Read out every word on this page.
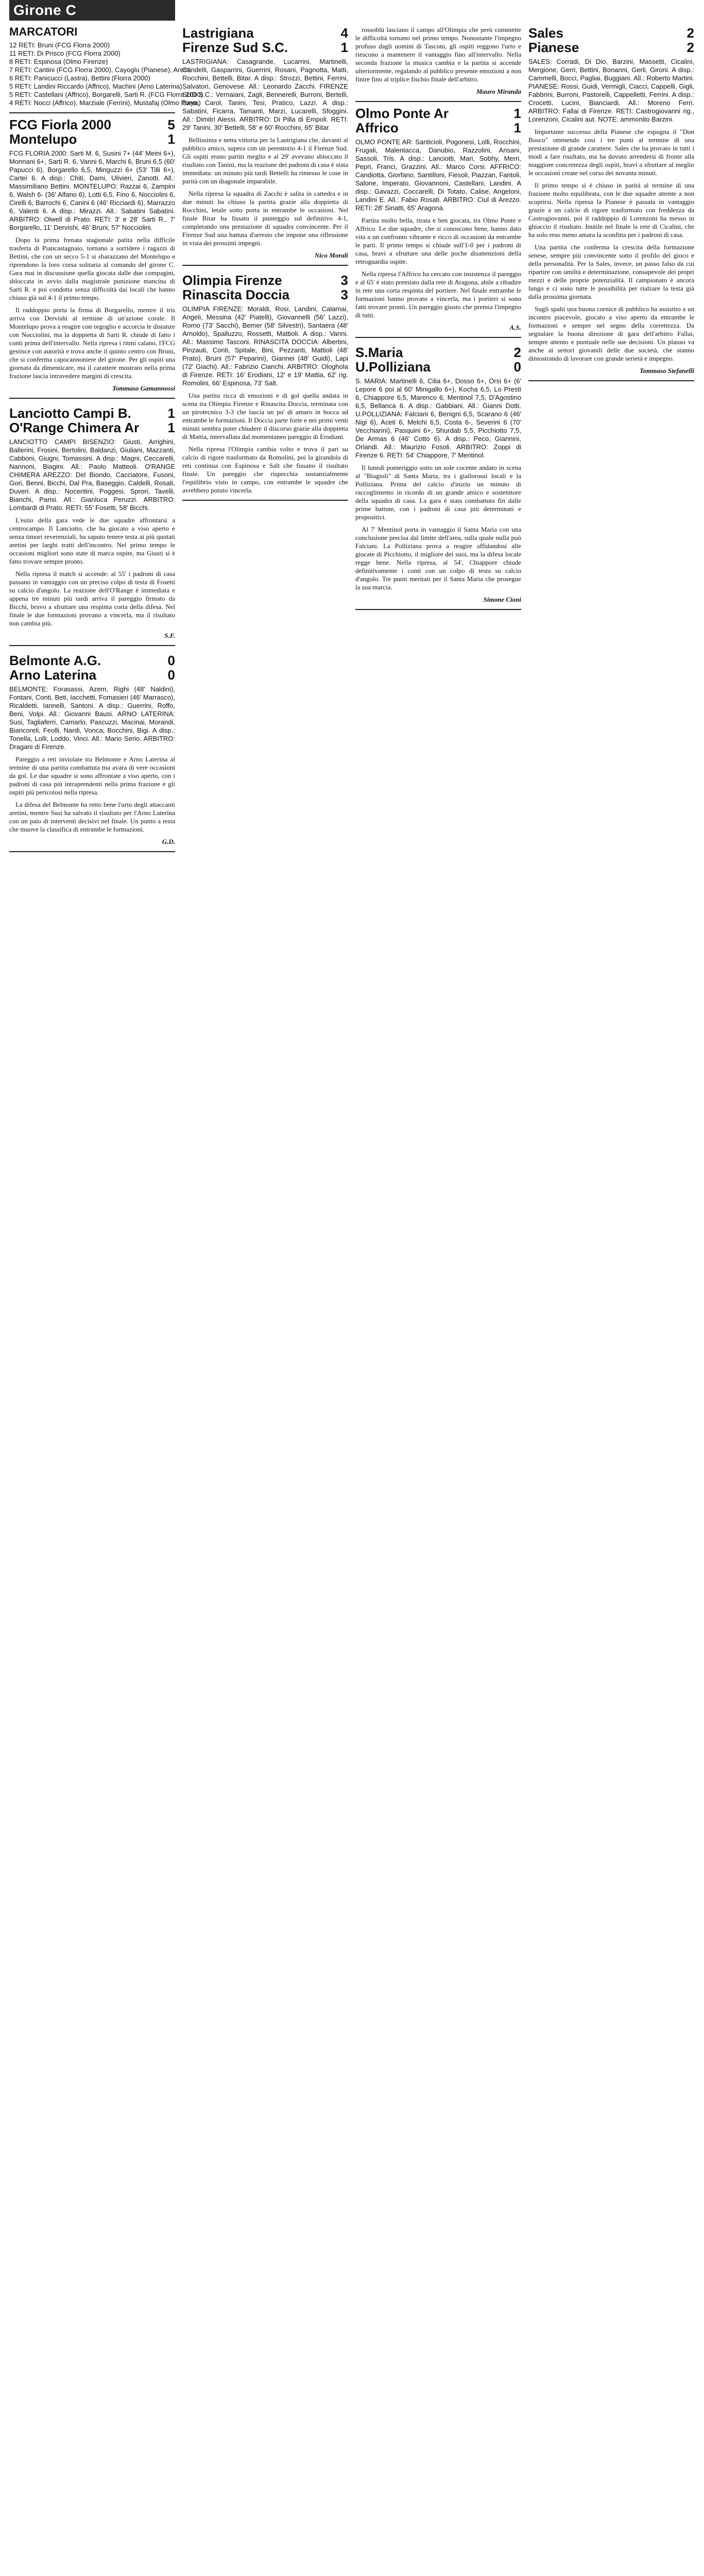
Girone C
MARCATORI
12 RETI: Bruni (FCG Florra 2000)
11 RETI: Di Prisco (FCG Florra 2000)
8 RETI: Espinosa (Olmo Firenze)
7 RETI: Cantini (FCG Florra 2000), Cayoglu (Pianese), Aresti
6 RETI: Panicucci (Lastra), Bettini (Florra 2000)
5 RETI: Landini Riccardo (Affrico), Machini (Arno Laterina)
5 RETI: Castellani (Affrico), Borgarelli, Sarti R. (FCG Florra 2000)
4 RETI: Nocci (Affrico), Marziale (Ferrini), Mustafaj (Olmo Ponte)
FCG Fiorla 2000	5
Montelupo	1
FCG FLORIA 2000: Sarti M. 6, Susini 7+ (44' Meini 6+), Monnani 6+, Sarti R. 6, Vanni 6, Marchi 6, Bruni 6,5 (60' Papucci 6), Borgarello 6,5, Minguzzi 6+ (53' Tilli 6+), Cartei 6. A disp.: Chiti, Dami, Ulivieri, Zanotti. All.: Massimiliano Bettini. MONTELUPO: Razzai 6, Zampini 6, Walsh 6- (36' Alfano 6), Lotti 6,5, Fino 6, Nocciolini 6, Cirelli 6, Barrochi 6, Canini 6 (46' Ricciardi 6), Marrazzo 6, Valenti 6. A disp.: Mirazzi. All.: Sabatini Sabatini. ARBITRO: Olwell di Prato. RETI: 3' e 28' Sarti R., 7' Borgarello, 11' Dervishi, 46' Bruni, 57' Nocciolini.

Dopo la prima frenata stagionale patita nella difficile trasferta di Piancastagnaio, tornano a sorridere i ragazzi di Bettini, che con un secco 5-1 si sbarazzano del Montelupo e riprendono la loro corsa solitaria al comando del girone C. Gara mai in discussione quella giocata dalle due compagini, sbloccata in avvio dalla magistrale punizione mancina di Sarti R. e poi condotta senza difficoltà dai locali che hanno chiuso già sul 4-1 il primo tempo.

Il raddoppio porta la firma di Borgarello, mentre il tris arriva con Dervishi al termine di un'azione corale. Il Montelupo prova a reagire con orgoglio e accorcia le distanze con Nocciolini, ma la doppietta di Sarti R. chiude di fatto i conti prima dell'intervallo. Nella ripresa i ritmi calano, l'FCG gestisce con autorità e trova anche il quinto centro con Bruni, che si conferma capocannoniere del girone. Per gli ospiti una giornata da dimenticare, ma il carattere mostrato nella prima frazione lascia intravedere margini di crescita.

Tommaso Gamannossi
Lanciotto Campi B.	1
O'Range Chimera Ar	1
LANCIOTTO CAMPI BISENZIO: Giusti, Arrighini, Ballerini, Frosini, Bertolini, Baldanzi, Giuliani, Mazzanti, Cabboni, Giugni, Tomassini. A disp.: Magni, Ceccarelli, Nannoni, Biagini. All.: Paolo Matteoli. O'RANGE CHIMERA AREZZO: Del Biondo, Cacciatore, Fusoni, Gori, Benni, Bicchi, Dal Pra, Baseggio, Caldelli, Rosati, Duveri. A disp.: Nocentini, Poggesi, Sprori, Tavelli, Bianchi, Parisi. All.: Gianluca Peruzzi. ARBITRO: Lombardi di Prato. RETI: 55' Fosetti, 58' Bicchi.

L'esito della gara vede le due squadre affrontarsi a centrocampo. Il Lanciotto, che ha giocato a viso aperto e senza timori reverenziali, ha saputo tenere testa ai più quotati aretini per larghi tratti dell'incontro. Nel primo tempo le occasioni migliori sono state di marca ospite, ma Giusti si è fatto trovare sempre pronto.

Nella ripresa il match si accende: al 55' i padroni di casa passano in vantaggio con un preciso colpo di testa di Fosetti su calcio d'angolo. La reazione dell'O'Range è immediata e appena tre minuti più tardi arriva il pareggio firmato da Bicchi, bravo a sfruttare una respinta corta della difesa. Nel finale le due formazioni provano a vincerla, ma il risultato non cambia più.

S.F.
Belmonte A.G.	0
Arno Laterina	0
BELMONTE: Forasassi, Azem, Righi (48' Naldini), Fontani, Conti, Beti, Iacchetti, Fomasieri (46' Marrasco), Ricaldetti, Iannelli, Santoni. A disp.: Guerrini, Roffo, Beni, Volpi. All.: Giovanni Bausi. ARNO LATERINA: Susi, Tagliaferri, Camarlo, Pascuzzi, Macinai, Morandi, Biancoreli, Feolli, Nardi, Vonca, Bocchini, Bigi. A disp.: Tonella, Lolli, Loddo, Vinci. All.: Mario Serio. ARBITRO: Dragani di Firenze.

Pareggio a reti inviolate tra Belmonte e Arno Laterina al termine di una partita combattuta ma avara di vere occasioni da gol. Le due squadre si sono affrontate a viso aperto, con i padroni di casa più intraprendenti nella prima frazione e gli ospiti più pericolosi nella ripresa.

La difesa del Belmonte ha retto bene l'urto degli attaccanti aretini, mentre Susi ha salvato il risultato per l'Arno Laterina con un paio di interventi decisivi nel finale. Un punto a testa che muove la classifica di entrambe le formazioni.

G.D.
Lastrigiana	4
Firenze Sud S.C.	1
LASTRIGIANA: Casagrande, Lucarrini, Martinelli, Candelli, Gasparrini, Guerrini, Rosani, Pagnotta, Matti, Rocchini, Bettelli, Bitar. A disp.: Strozzi, Bettini, Ferrini, Salvatori, Genovese. All.: Leonardo Zacchi. FIRENZE SUD S.C.: Vernaiani, Zagli, Bennerelli, Burroni, Bertelli, Saya, Carol, Tanini, Tesi, Pratico, Lazzi. A disp.: Sabatini, Ficarra, Tamanti, Marzi, Lucarelli, Sfoggini. All.: Dimitri Alessi. ARBITRO: Di Pilla di Empoli. RETI: 29' Tanini, 30' Bettelli, 58' e 60' Rocchini, 65' Bitar.

Bellissima e netta vittoria per la Lastrigiana che, davanti al pubblico amico, supera con un perentorio 4-1 il Firenze Sud. Gli ospiti erano partiti meglio e al 29' avevano sbloccato il risultato con Tanini, ma la reazione dei padroni di casa è stata immediata: un minuto più tardi Bettelli ha rimesso le cose in parità con un diagonale imparabile.

Nella ripresa la squadra di Zacchi è salita in cattedra e in due minuti ha chiuso la partita grazie alla doppietta di Rocchini, letale sotto porta in entrambe le occasioni. Nel finale Bitar ha fissato il punteggio sul definitivo 4-1, completando una prestazione di squadra convincente. Per il Firenze Sud una battuta d'arresto che impone una riflessione in vista dei prossimi impegni.

Nico Morali
Olimpia Firenze	3
Rinascita Doccia	3
OLIMPIA FIRENZE: Moraldi, Rosi, Landini, Calamai, Angeli, Messina (42' Piatelli), Giovannelli (56' Lazzi), Romo (73' Sacchi), Bemer (58' Silvestri), Santaera (48' Arnoldo), Spalluzzo, Rossetti, Mattioli. A disp.: Vanni. All.: Massimo Tasconi. RINASCITA DOCCIA: Albertini, Pinzauti, Conti, Spitale, Bini, Pezzanti, Mattioli (48' Prato), Bruni (57' Peparini), Giannei (48' Guidi), Lapi (72' Giachi). All.: Fabrizio Cianchi. ARBITRO: Ologhola di Firenze. RETI: 16' Erodiani, 12' e 19' Mattia, 62' rig. Romolini, 66' Espinosa, 73' Salt.

Una partita ricca di emozioni e di gol quella andata in scena tra Olimpia Firenze e Rinascita Doccia, terminata con un pirotecnico 3-3 che lascia un po' di amaro in bocca ad entrambe le formazioni. Il Doccia parte forte e nei primi venti minuti sembra poter chiudere il discorso grazie alla doppietta di Mattia, intervallata dal momentaneo pareggio di Erodiani.

Nella ripresa l'Olimpia cambia volto e trova il pari su calcio di rigore trasformato da Romolini, poi la girandola di reti continua con Espinosa e Salt che fissano il risultato finale. Un pareggio che rispecchia sostanzialmente l'equilibrio visto in campo, con entrambe le squadre che avrebbero potuto vincerla.

rossoblù lasciano il campo all'Olimpia che però commette le difficoltà tornano nel primo tempo. Nonostante l'impegno profuso dagli uomini di Tasconi, gli ospiti reggono l'urto e riescono a mantenere il vantaggio fino all'intervallo. Nella seconda frazione la musica cambia e la partita si accende ulteriormente, regalando al pubblico presente emozioni a non finire fino al triplice fischio finale dell'arbitro.

Mauro Miranda
Olmo Ponte Ar	1
Affrico	1
OLMO PONTE AR: Santicioli, Pogonesi, Lolli, Rocchini, Frugali, Malentacca, Danubio, Razzolini, Ansani, Sassoli, Tris. A disp.: Lanciotti, Mari, Sobhy, Merri, Pepri, Franci, Grazzini. All.: Marco Corsi. AFFRICO: Candiotta, Giorfano, Santilloni, Fiesoli, Piazzan, Fantoli, Salone, Imperato, Giovannoni, Castellani, Landini. A disp.: Gavazzi, Coccarelli, Di Totato, Calise, Angeloni, Landini E. All.: Fabio Rosati. ARBITRO: Ciul di Arezzo. RETI: 28' Sinatti, 65' Aragona.

Partita molto bella, tirata e ben giocata, tra Olmo Ponte e Affrico. Le due squadre, che si conoscono bene, hanno dato vita a un confronto vibrante e ricco di occasioni da entrambe le parti. Il primo tempo si chiude sull'1-0 per i padroni di casa, bravi a sfruttare una delle poche disattenzioni della retroguardia ospite.

Nella ripresa l'Affrico ha cercato con insistenza il pareggio e al 65' è stato premiato dalla rete di Aragona, abile a ribadire in rete una corta respinta del portiere. Nel finale entrambe le formazioni hanno provato a vincerla, ma i portieri si sono fatti trovare pronti. Un pareggio giusto che premia l'impegno di tutti.

A.S.
S.Maria	2
U.Polliziana	0
S. MARIA: Martinelli 6, Cilia 6+, Dosso 6+, Orsi 6+ (6' Lepore 6 poi al 60' Minigallo 6+), Kocha 6,5, Lo Presti 6, Chiappore 6,5, Marenco 6, Mentinol 7,5, D'Agostino 6,5, Bellanca 6. A disp.: Gabbiani. All.: Gianni Dotti. U.POLLIZIANA: Falciani 6, Benigni 6,5, Scarano 6 (46' Nigi 6), Aceti 6, Melchi 6,5, Costa 6-, Severini 6 (70' Vecchiarini), Pasquini 6+, Shurdab 5,5, Picchiotto 7,5, De Armas 6 (46' Cotto 6). A disp.: Peco, Giannini, Orlandi. All.: Maurizio Fosoli. ARBITRO: Zoppi di Firenze 6. RETI: 54' Chiappore, 7' Mentinol.

Il lunedì pomeriggio sotto un sole cocente andato in scena al "Biagioli" di Santa Maria, tra i giallorossi locali e la Polliziana. Prima del calcio d'inizio un minuto di raccoglimento in ricordo di un grande amico e sostenitore della squadra di casa. La gara è stata combattuta fin dalle prime battute, con i padroni di casa più determinati e propositivi.

Al 7' Mentinol porta in vantaggio il Santa Maria con una conclusione precisa dal limite dell'area, sulla quale nulla può Falciani. La Polliziana prova a reagire affidandosi alle giocate di Picchiotto, il migliore dei suoi, ma la difesa locale regge bene. Nella ripresa, al 54', Chiappore chiude definitivamente i conti con un colpo di testa su calcio d'angolo. Tre punti meritati per il Santa Maria che prosegue la sua marcia.

Simone Cioni
Sales	2
Pianese	2
SALES: Corradi, Di Dio, Barzini, Massetti, Cicalini, Mergione, Gerri, Bettini, Bonanni, Gerli, Gironi. A disp.: Cammelli, Bocci, Pagliai, Buggiani. All.: Roberto Martini. PIANESE: Rossi, Guidi, Vermigli, Ciacci, Cappelli, Gigli, Fabbrini, Burroni, Pastorelli, Cappelletti, Ferrini. A disp.: Crocetti, Lucini, Bianciardi. All.: Moreno Ferri. ARBITRO: Fallai di Firenze. RETI: Castrogiovanni rig., Lorenzoni, Cicalini aut. NOTE: ammonito Barzini.

Importante successo della Pianese che espugna il "Don Bosco" ottenendo così i tre punti al termine di una prestazione di grande carattere. Sales che ha provato in tutti i modi a fare risultato, ma ha dovuto arrendersi di fronte alla maggiore concretezza degli ospiti, bravi a sfruttare al meglio le occasioni create nel corso dei novanta minuti.

Il primo tempo si è chiuso in parità al termine di una frazione molto equilibrata, con le due squadre attente a non scoprirsi. Nella ripresa la Pianese è passata in vantaggio grazie a un calcio di rigore trasformato con freddezza da Castrogiovanni, poi il raddoppio di Lorenzoni ha messo in ghiaccio il risultato. Inutile nel finale la rete di Cicalini, che ha solo reso meno amara la sconfitta per i padroni di casa.

Una partita che conferma la crescita della formazione senese, sempre più convincente sotto il profilo del gioco e della personalità. Per la Sales, invece, un passo falso da cui ripartire con umiltà e determinazione, consapevole dei propri mezzi e delle proprie potenzialità. Il campionato è ancora lungo e ci sono tutte le possibilità per rialzare la testa già dalla prossima giornata.

Sugli spalti una buona cornice di pubblico ha assistito a un incontro piacevole, giocato a viso aperto da entrambe le formazioni e sempre nel segno della correttezza. Da segnalare la buona direzione di gara dell'arbitro Fallai, sempre attento e puntuale nelle sue decisioni. Un plauso va anche ai settori giovanili delle due società, che stanno dimostrando di lavorare con grande serietà e impegno.

Tommaso Stefanelli
